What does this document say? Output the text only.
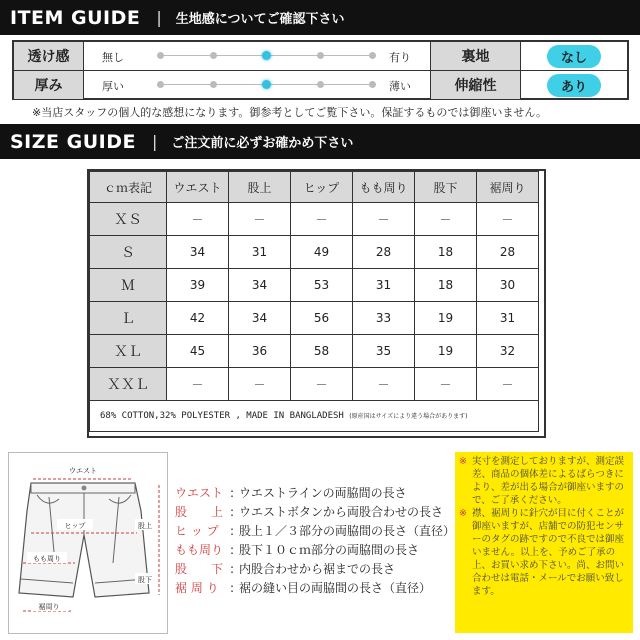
ITEM GUIDE | 生地感についてご確認下さい
透け感	無し	有り	裏地	なし
厚み	厚い	薄い	伸縮性	あり
※当店スタッフの個人的な感想になります。御参考としてご覧下さい。保証するものでは御座いません。
SIZE GUIDE | ご注文前に必ずお確かめ下さい
ｃｍ表記	ウエスト	股上	ヒップ	もも周り	股下	裾周り
ＸＳ	－	－	－	－	－	－
Ｓ	34	31	49	28	18	28
Ｍ	39	34	53	31	18	30
Ｌ	42	34	56	33	19	31
ＸＬ	45	36	58	35	19	32
ＸＸＬ	－	－	－	－	－	－
68% COTTON,32% POLYESTER , MADE IN BANGLADESH (原産国はサイズにより違う場合があります)						
ウエスト
ヒップ
もも周り
裾周り
股上
股下
ウエスト : ウエストラインの両脇間の長さ
股　　上 : ウエストボタンから両股合わせの長さ
ヒ ッ プ : 股上１／３部分の両脇間の長さ（直径）
もも周り : 股下１０ｃｍ部分の両脇間の長さ
股　　下 : 内股合わせから裾までの長さ
裾 周 り : 裾の縫い目の両脇間の長さ（直径）
※ 実寸を測定しておりますが、測定誤差、商品の個体差によるばらつきにより、差が出る場合が御座いますので、ご了承ください。
※ 襟、裾周りに針穴が目に付くことが御座いますが、店舗での防犯センサーのタグの跡ですので不良では御座いません。以上を、予めご了承の上、お買い求め下さい。尚、お問い合わせは電話・メールでお願い致します。
